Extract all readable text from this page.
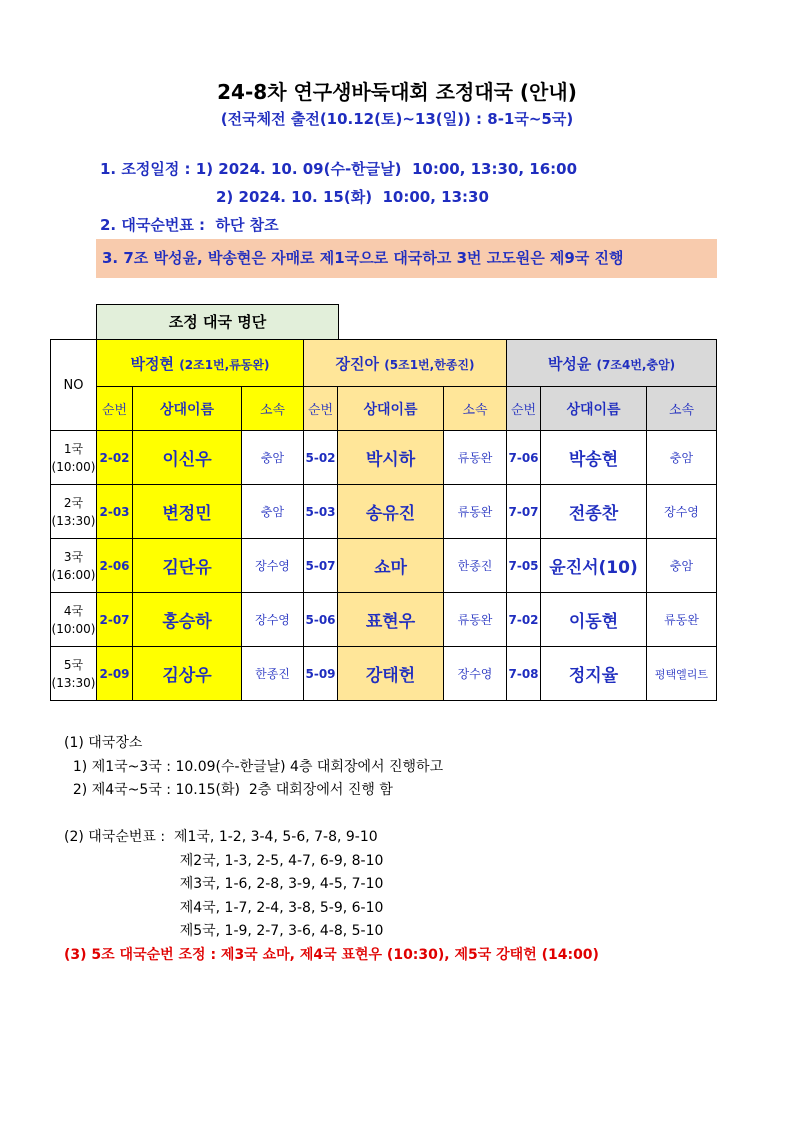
24-8차 연구생바둑대회 조정대국 (안내)
(전국체전 출전(10.12(토)~13(일)) : 8-1국~5국)
1. 조정일정 : 1) 2024. 10. 09(수-한글날)  10:00, 13:30, 16:00
2) 2024. 10. 15(화)  10:00, 13:30
2. 대국순번표 :  하단 참조
3. 7조 박성윤, 박송현은 자매로 제1국으로 대국하고 3번 고도원은 제9국 진행
조정 대국 명단
NO	박정현 (2조1번,류동완)			장진아 (5조1번,한종진)			박성윤 (7조4번,충암)		
	순번	상대이름	소속	순번	상대이름	소속	순번	상대이름	소속
1국
(10:00)	2-02	이신우	충암	5-02	박시하	류동완	7-06	박송현	충암
2국
(13:30)	2-03	변정민	충암	5-03	송유진	류동완	7-07	전종찬	장수영
3국
(16:00)	2-06	김단유	장수영	5-07	쇼마	한종진	7-05	윤진서(10)	충암
4국
(10:00)	2-07	홍승하	장수영	5-06	표현우	류동완	7-02	이동현	류동완
5국
(13:30)	2-09	김상우	한종진	5-09	강태헌	장수영	7-08	정지율	평택엘리트
(1) 대국장소
1) 제1국~3국 : 10.09(수-한글날) 4층 대회장에서 진행하고
2) 제4국~5국 : 10.15(화)  2층 대회장에서 진행 함
(2) 대국순번표 :  제1국, 1-2, 3-4, 5-6, 7-8, 9-10
제2국, 1-3, 2-5, 4-7, 6-9, 8-10
제3국, 1-6, 2-8, 3-9, 4-5, 7-10
제4국, 1-7, 2-4, 3-8, 5-9, 6-10
제5국, 1-9, 2-7, 3-6, 4-8, 5-10
(3) 5조 대국순번 조정 : 제3국 쇼마, 제4국 표현우 (10:30), 제5국 강태헌 (14:00)
